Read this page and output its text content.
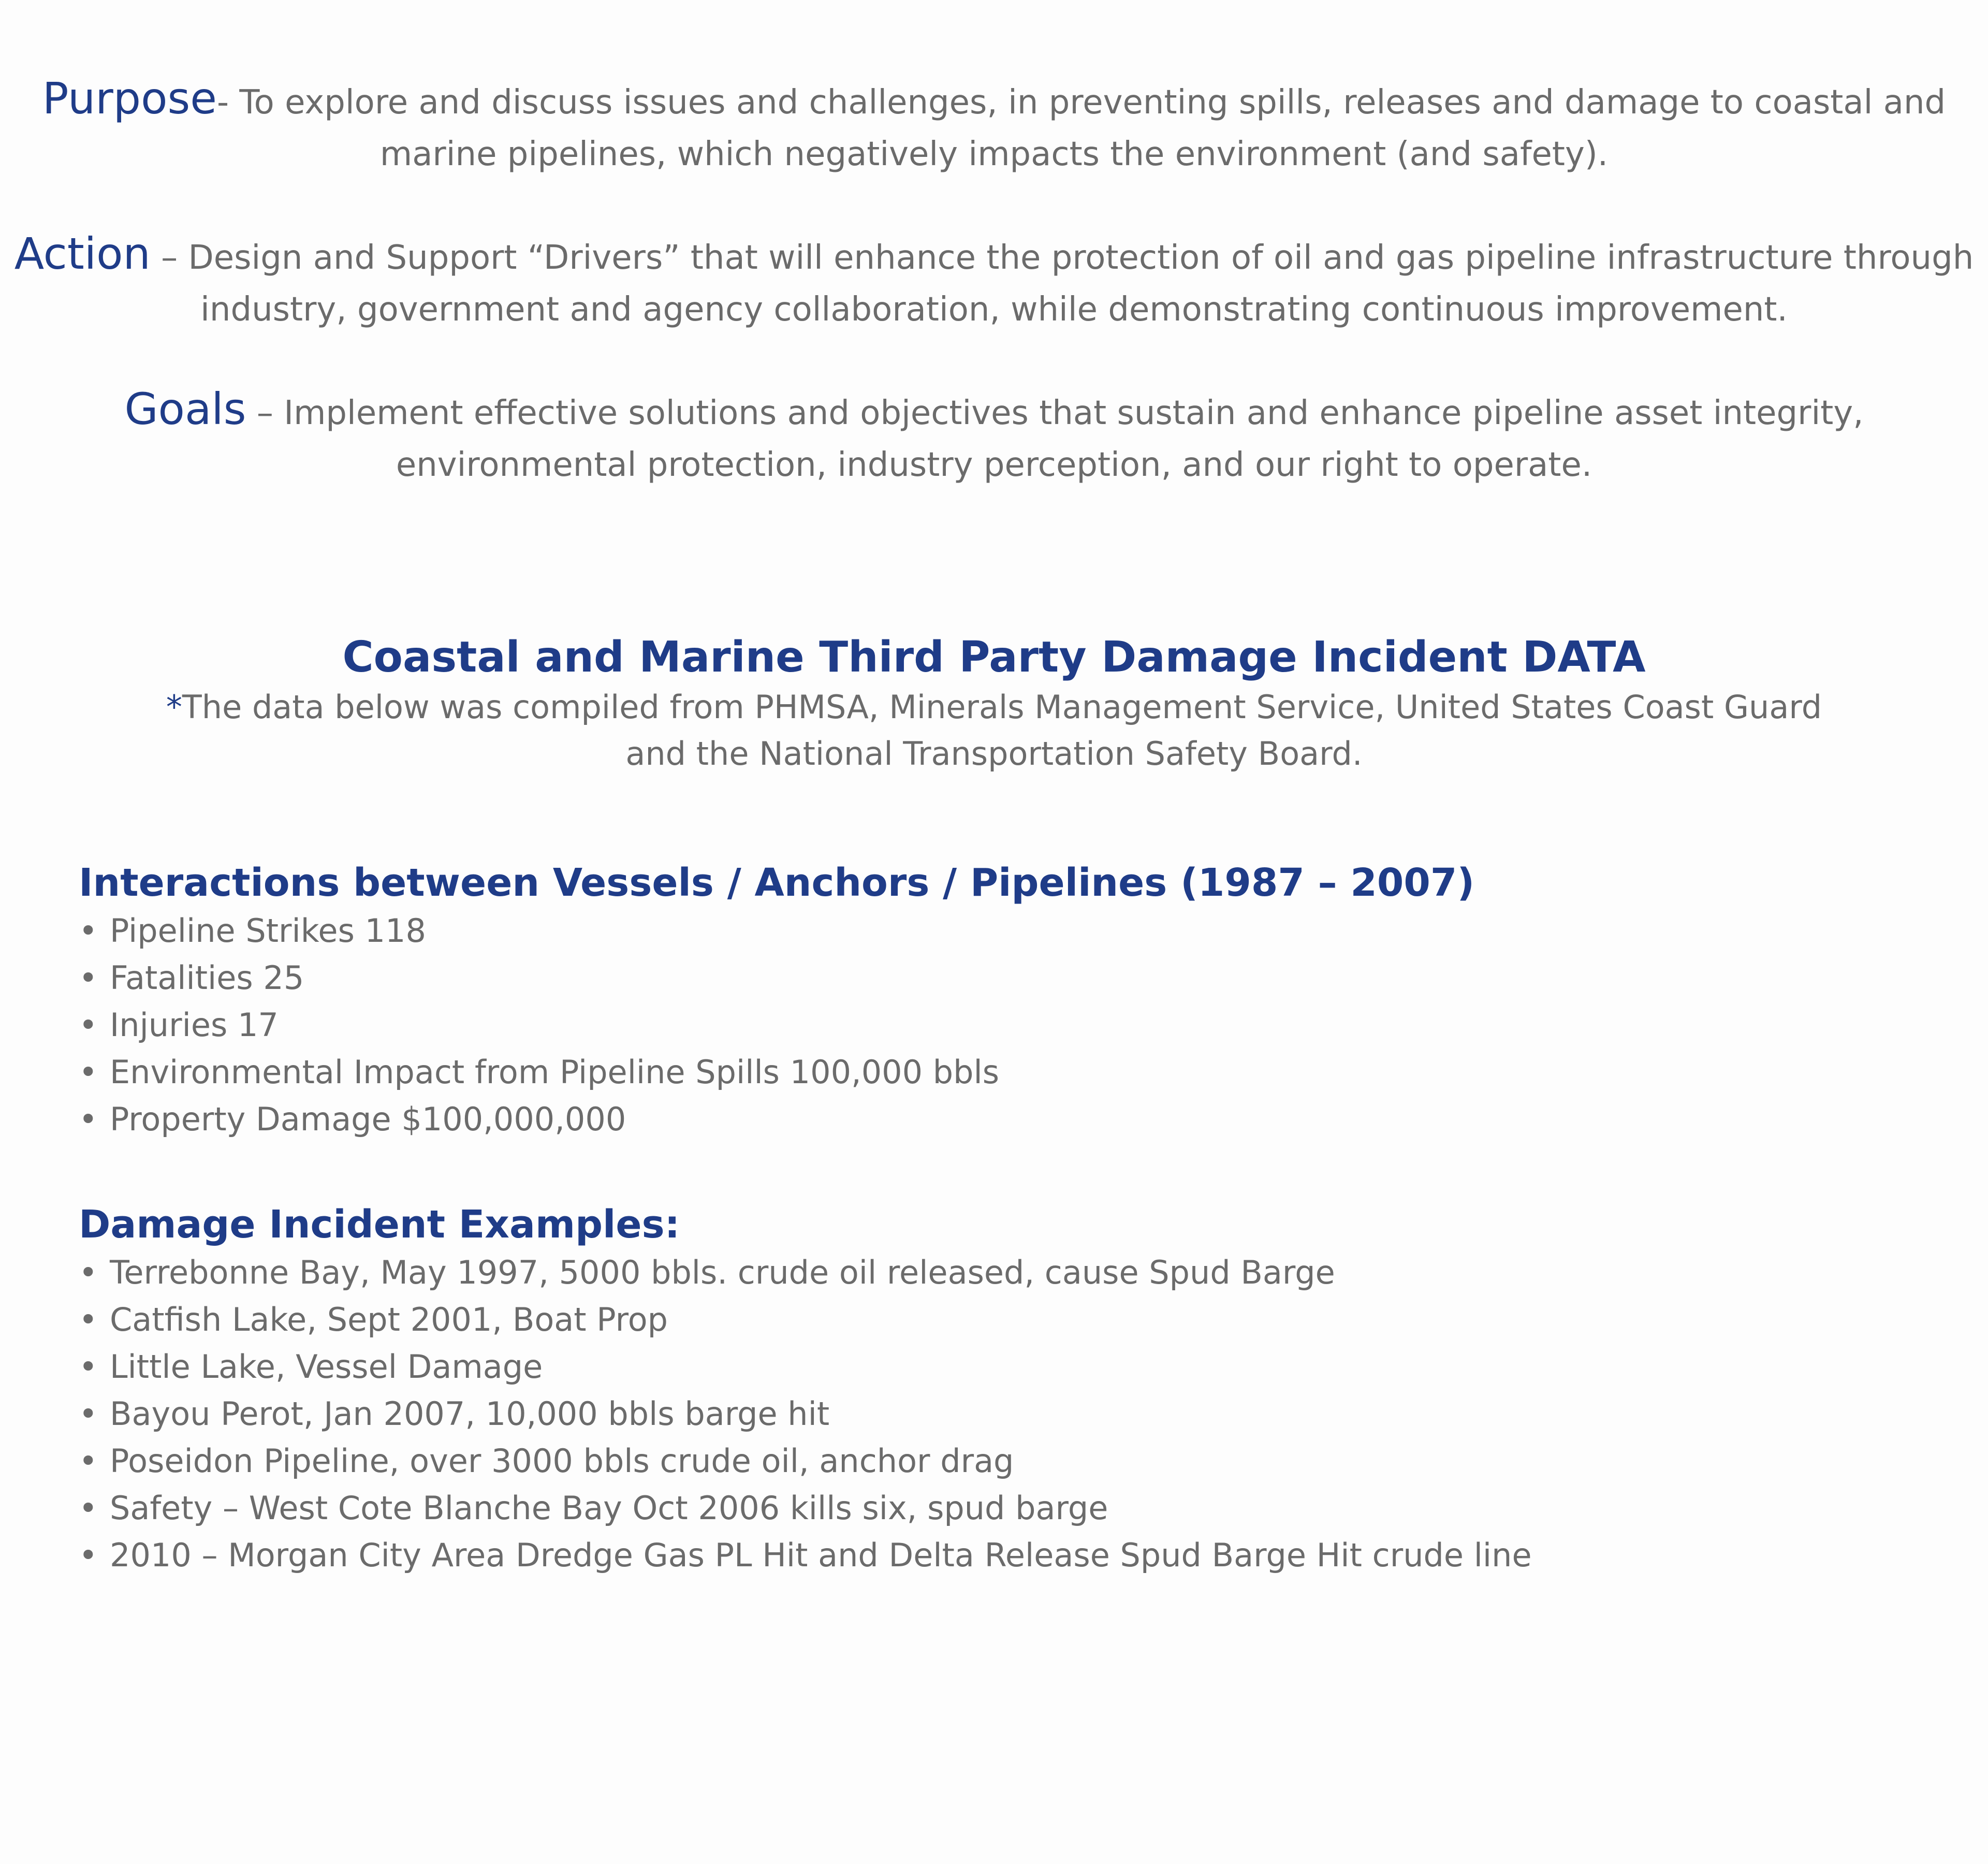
Purpose- To explore and discuss issues and challenges, in preventing spills, releases and damage to coastal and marine pipelines, which negatively impacts the environment (and safety).

Action – Design and Support “Drivers” that will enhance the protection of oil and gas pipeline infrastructure through industry, government and agency collaboration, while demonstrating continuous improvement.

Goals – Implement effective solutions and objectives that sustain and enhance pipeline asset integrity, environmental protection, industry perception, and our right to operate.

Coastal and Marine Third Party Damage Incident DATA

*The data below was compiled from PHMSA, Minerals Management Service, United States Coast Guard

and the National Transportation Safety Board.

Interactions between Vessels / Anchors / Pipelines (1987 – 2007)
• Pipeline Strikes 118
• Fatalities 25
• Injuries 17
• Environmental Impact from Pipeline Spills 100,000 bbls
• Property Damage $100,000,000
Damage Incident Examples:
• Terrebonne Bay, May 1997, 5000 bbls. crude oil released, cause Spud Barge
• Catfish Lake, Sept 2001, Boat Prop
• Little Lake, Vessel Damage
• Bayou Perot, Jan 2007, 10,000 bbls barge hit
• Poseidon Pipeline, over 3000 bbls crude oil, anchor drag
• Safety – West Cote Blanche Bay Oct 2006 kills six, spud barge
• 2010 – Morgan City Area Dredge Gas PL Hit and Delta Release Spud Barge Hit crude line
